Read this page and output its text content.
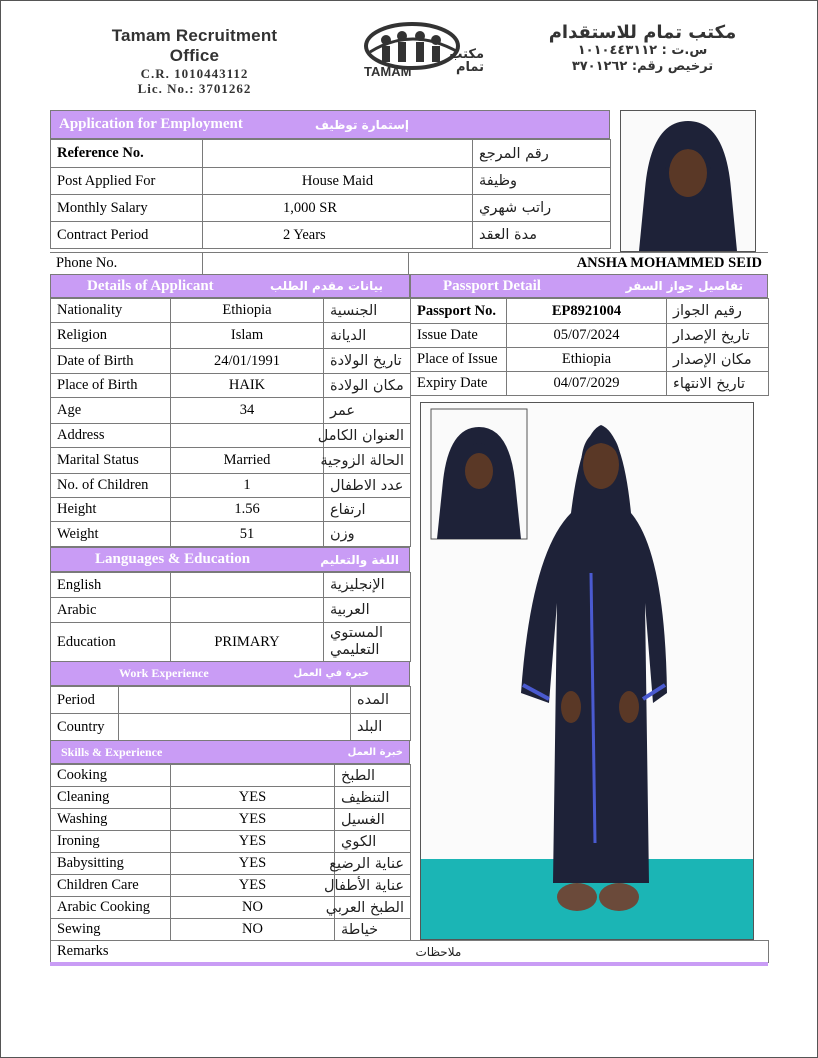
Tamam Recruitment Office
C.R. 1010443112
Lic. No.: 3701262
TAMAM
مكتب تمام
مكتب تمام للاستقدام
س.ت : ١٠١٠٤٤٣١١٢
ترخيص رقم: ٣٧٠١٢٦٢
Application for Employment	إستمارة توظيف
Reference No.		رقم المرجع
Post Applied For	House Maid	وظيفة
Monthly Salary	1,000 SR	راتب شهري
Contract Period	2 Years	مدة العقد
Phone No.		ANSHA MOHAMMED SEID
Details of Applicant	بيانات مقدم الطلب
Nationality	Ethiopia	الجنسية
Religion	Islam	الديانة
Date of Birth	24/01/1991	تاريخ الولادة
Place of Birth	HAIK	مكان الولادة
Age	34	عمر
Address		العنوان الكامل
Marital Status	Married	الحالة الزوجية
No. of Children	1	عدد الاطفال
Height	1.56	ارتفاع
Weight	51	وزن
Passport Detail	تفاصيل جواز السفر
Passport No.	EP8921004	رقيم الجواز
Issue Date	05/07/2024	تاريخ الإصدار
Place of Issue	Ethiopia	مكان الإصدار
Expiry Date	04/07/2029	تاريخ الانتهاء
Languages & Education	اللغة والتعليم
English		الإنجليزية
Arabic		العربية
Education	PRIMARY	المستوي التعليمي
Work Experience	خبرة في العمل
Period		المده
Country		البلد
Skills & Experience	خبرة العمل
Cooking		الطبخ
Cleaning	YES	التنظيف
Washing	YES	الغسيل
Ironing	YES	الكوي
Babysitting	YES	عناية الرضيع
Children Care	YES	عناية الأطفال
Arabic Cooking	NO	الطبخ العربي
Sewing	NO	خياطة
Remarks	ملاحظات
